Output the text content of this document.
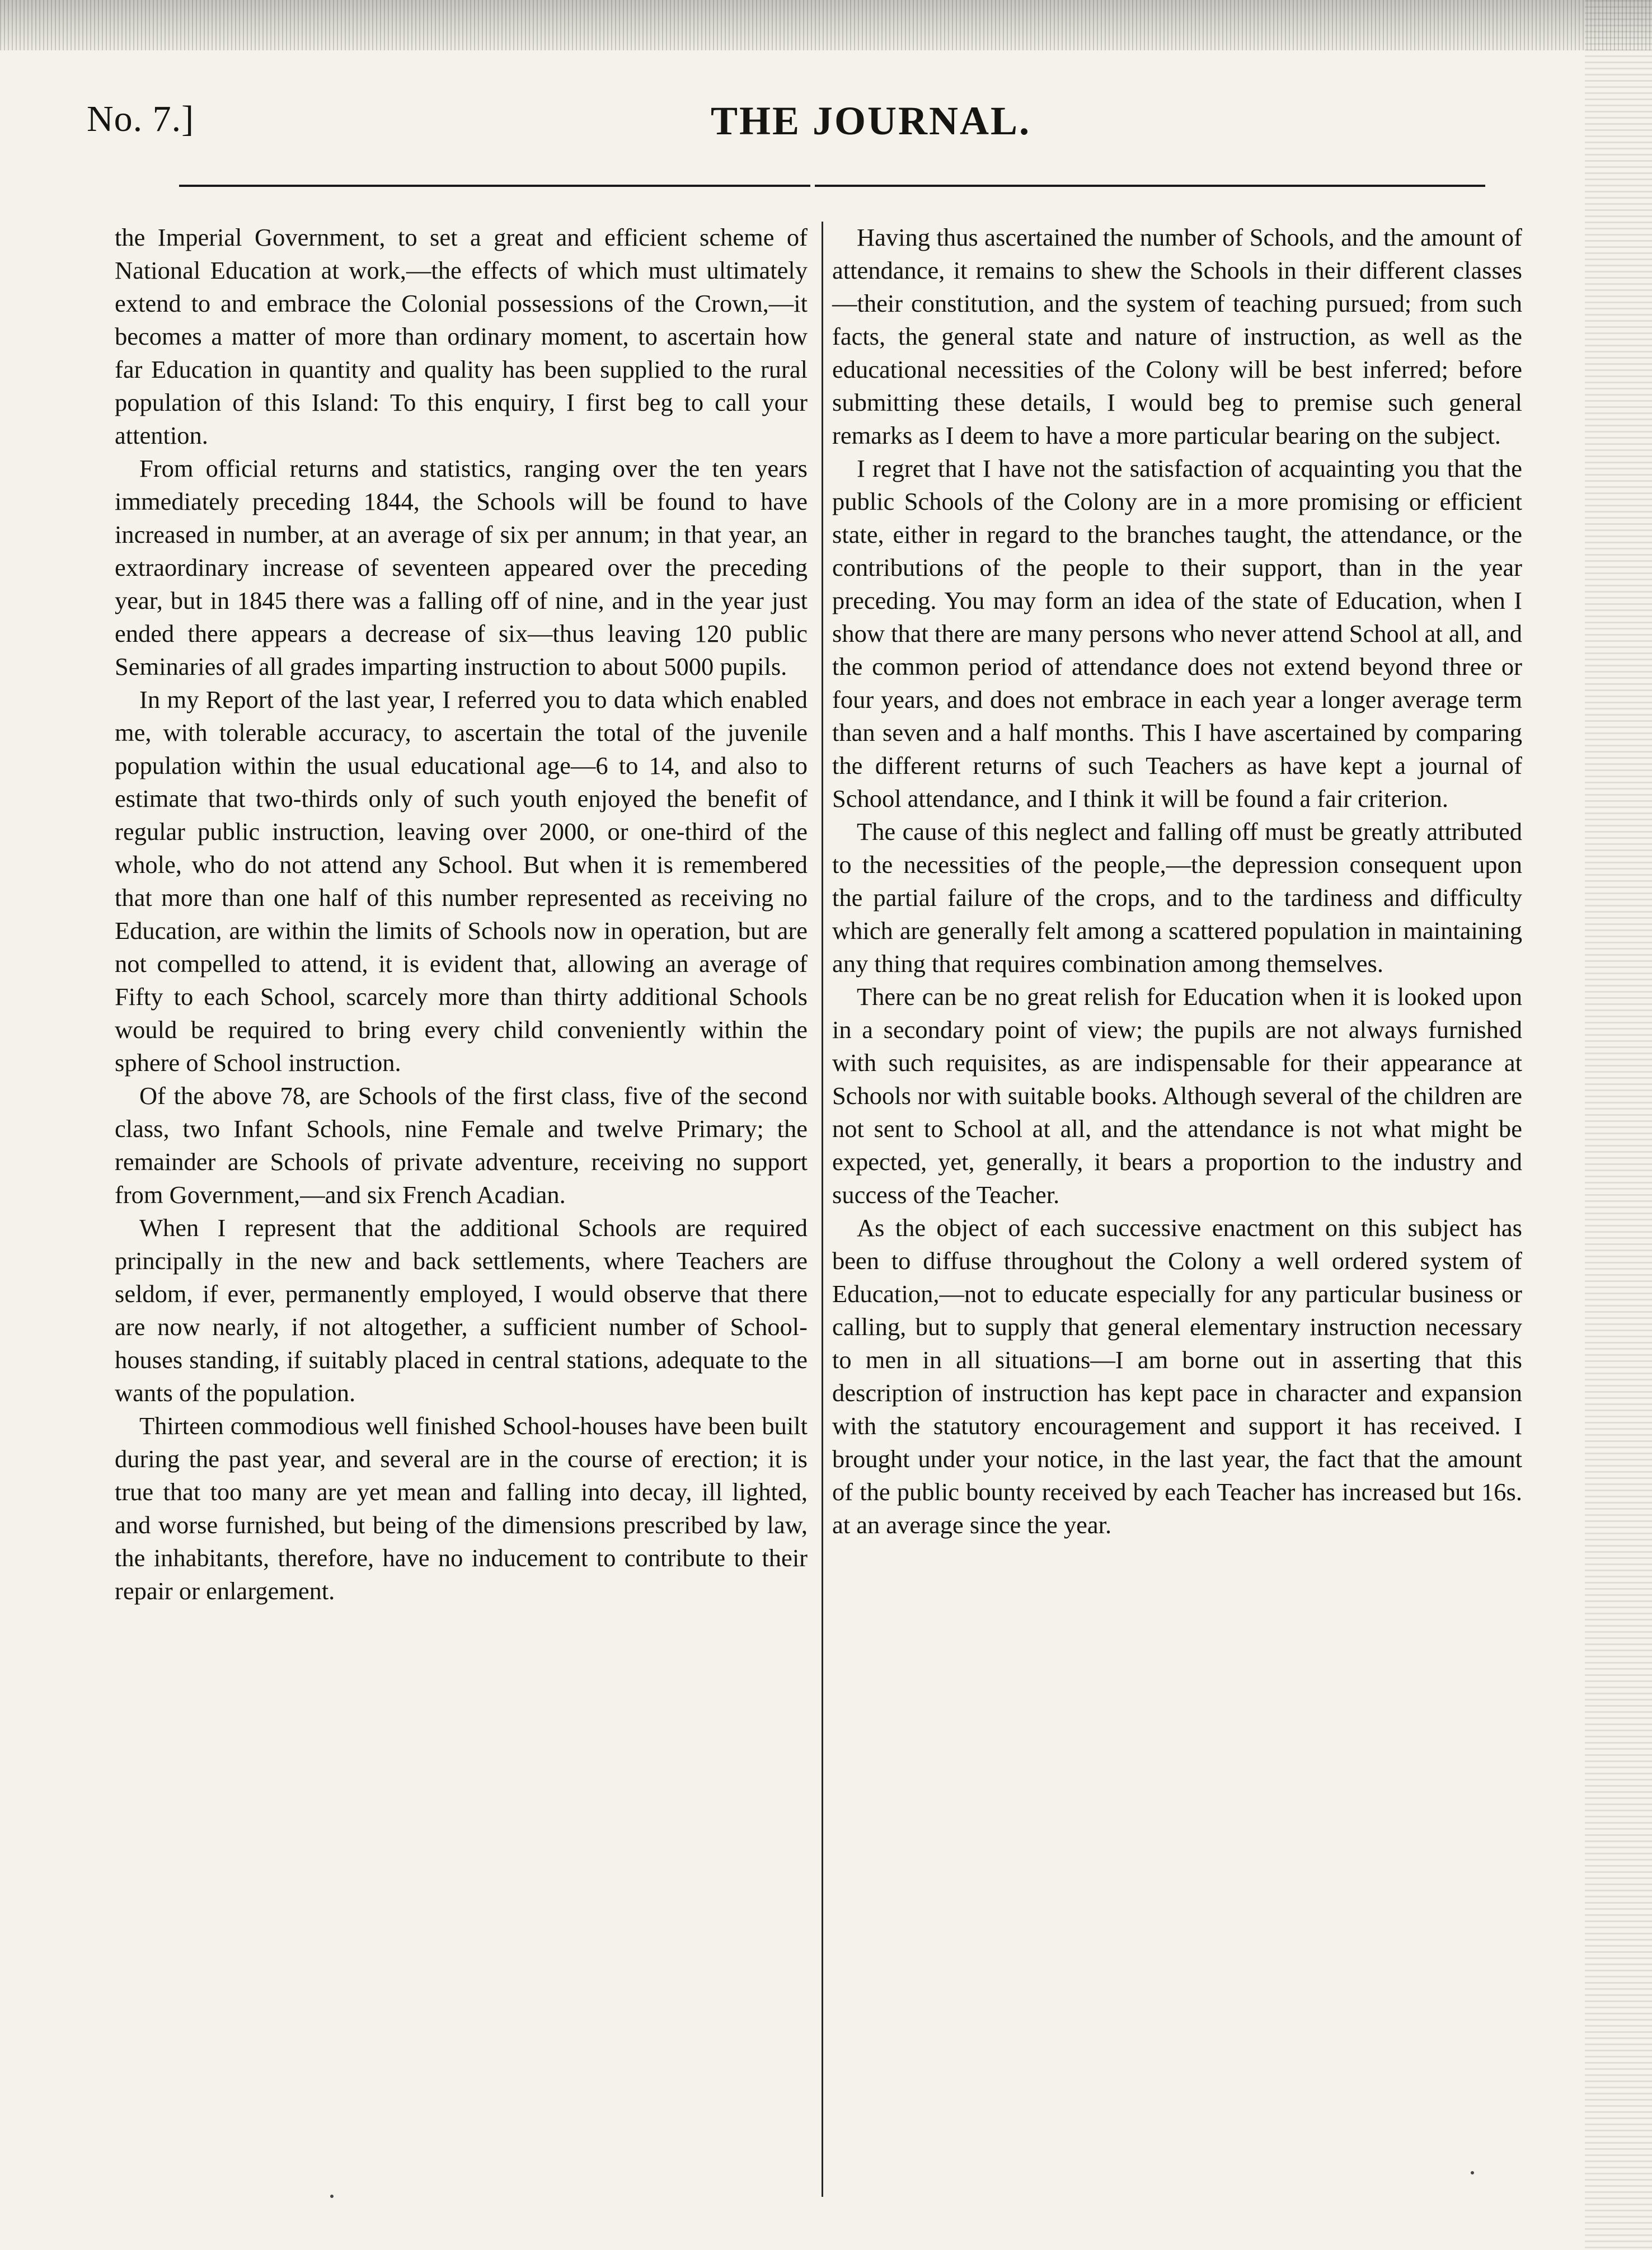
No. 7.]	THE JOURNAL.

the Imperial Government, to set a great and efficient scheme of National Education at work,—the effects of which must ultimately extend to and embrace the Colonial possessions of the Crown,—it becomes a matter of more than ordinary moment, to ascertain how far Education in quantity and quality has been supplied to the rural population of this Island: To this enquiry, I first beg to call your attention.

From official returns and statistics, ranging over the ten years immediately preceding 1844, the Schools will be found to have increased in number, at an average of six per annum; in that year, an extraordinary increase of seventeen appeared over the preceding year, but in 1845 there was a falling off of nine, and in the year just ended there appears a decrease of six—thus leaving 120 public Seminaries of all grades imparting instruction to about 5000 pupils.

In my Report of the last year, I referred you to data which enabled me, with tolerable accuracy, to ascertain the total of the juvenile population within the usual educational age—6 to 14, and also to estimate that two-thirds only of such youth enjoyed the benefit of regular public instruction, leaving over 2000, or one-third of the whole, who do not attend any School. But when it is remembered that more than one half of this number represented as receiving no Education, are within the limits of Schools now in operation, but are not compelled to attend, it is evident that, allowing an average of Fifty to each School, scarcely more than thirty additional Schools would be required to bring every child conveniently within the sphere of School instruction.

Of the above 78, are Schools of the first class, five of the second class, two Infant Schools, nine Female and twelve Primary; the remainder are Schools of private adventure, receiving no support from Government,—and six French Acadian.

When I represent that the additional Schools are required principally in the new and back settlements, where Teachers are seldom, if ever, permanently employed, I would observe that there are now nearly, if not altogether, a sufficient number of School-houses standing, if suitably placed in central stations, adequate to the wants of the population.

Thirteen commodious well finished School-houses have been built during the past year, and several are in the course of erection; it is true that too many are yet mean and falling into decay, ill lighted, and worse furnished, but being of the dimensions prescribed by law, the inhabitants, therefore, have no inducement to contribute to their repair or enlargement.

Having thus ascertained the number of Schools, and the amount of attendance, it remains to shew the Schools in their different classes—their constitution, and the system of teaching pursued; from such facts, the general state and nature of instruction, as well as the educational necessities of the Colony will be best inferred; before submitting these details, I would beg to premise such general remarks as I deem to have a more particular bearing on the subject.

I regret that I have not the satisfaction of acquainting you that the public Schools of the Colony are in a more promising or efficient state, either in regard to the branches taught, the attendance, or the contributions of the people to their support, than in the year preceding. You may form an idea of the state of Education, when I show that there are many persons who never attend School at all, and the common period of attendance does not extend beyond three or four years, and does not embrace in each year a longer average term than seven and a half months. This I have ascertained by comparing the different returns of such Teachers as have kept a journal of School attendance, and I think it will be found a fair criterion.

The cause of this neglect and falling off must be greatly attributed to the necessities of the people,—the depression consequent upon the partial failure of the crops, and to the tardiness and difficulty which are generally felt among a scattered population in maintaining any thing that requires combination among themselves.

There can be no great relish for Education when it is looked upon in a secondary point of view; the pupils are not always furnished with such requisites, as are indispensable for their appearance at Schools nor with suitable books. Although several of the children are not sent to School at all, and the attendance is not what might be expected, yet, generally, it bears a proportion to the industry and success of the Teacher.

As the object of each successive enactment on this subject has been to diffuse throughout the Colony a well ordered system of Education,—not to educate especially for any particular business or calling, but to supply that general elementary instruction necessary to men in all situations—I am borne out in asserting that this description of instruction has kept pace in character and expansion with the statutory encouragement and support it has received. I brought under your notice, in the last year, the fact that the amount of the public bounty received by each Teacher has increased but 16s. at an average since the year.
